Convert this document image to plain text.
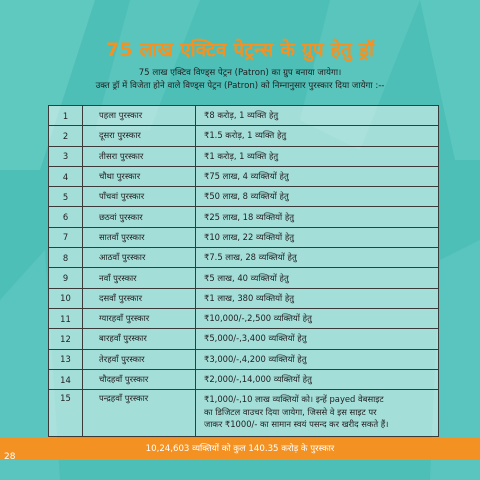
75 लाख एक्टिव पेट्रन्स के ग्रुप हेतु ड्रॉ
75 लाख एक्टिव विण्ड्स पेट्रन (Patron) का ग्रुप बनाया जायेगा।
उक्त ड्रॉ में विजेता होने वाले विण्ड्स पेट्रन (Patron) को निम्नानुसार पुरस्कार दिया जायेगा :--
1	पहला पुरस्कार	₹8 करोड़, 1 व्यक्ति हेतु
2	दूसरा पुरस्कार	₹1.5 करोड़, 1 व्यक्ति हेतु
3	तीसरा पुरस्कार	₹1 करोड़, 1 व्यक्ति हेतु
4	चौथा पुरस्कार	₹75 लाख, 4 व्यक्तियों हेतु
5	पाँचवां पुरस्कार	₹50 लाख, 8 व्यक्तियों हेतु
6	छठवां पुरस्कार	₹25 लाख, 18 व्यक्तियों हेतु
7	सातवाँ पुरस्कार	₹10 लाख, 22 व्यक्तियों हेतु
8	आठवाँ पुरस्कार	₹7.5 लाख, 28 व्यक्तियों हेतु
9	नवाँ पुरस्कार	₹5 लाख, 40 व्यक्तियों हेतु
10	दसवाँ पुरस्कार	₹1 लाख, 380 व्यक्तियों हेतु
11	ग्यारहवाँ पुरस्कार	₹10,000/-,2,500 व्यक्तियों हेतु
12	बारहवाँ पुरस्कार	₹5,000/-,3,400 व्यक्तियों हेतु
13	तेरहवाँ पुरस्कार	₹3,000/-,4,200 व्यक्तियों हेतु
14	चौदहवाँ पुरस्कार	₹2,000/-,14,000 व्यक्तियों हेतु
15	पन्द्रहवाँ पुरस्कार	₹1,000/-,10 लाख व्यक्तियों को। इन्हें payed वेबसाइट
का डिजिटल वाउचर दिया जायेगा, जिससे वे इस साइट पर
जाकर ₹1000/- का सामान स्वयं पसन्द कर खरीद सकते हैं।
10,24,603 व्यक्तियों को कुल 140.35 करोड़ के पुरस्कार
28
